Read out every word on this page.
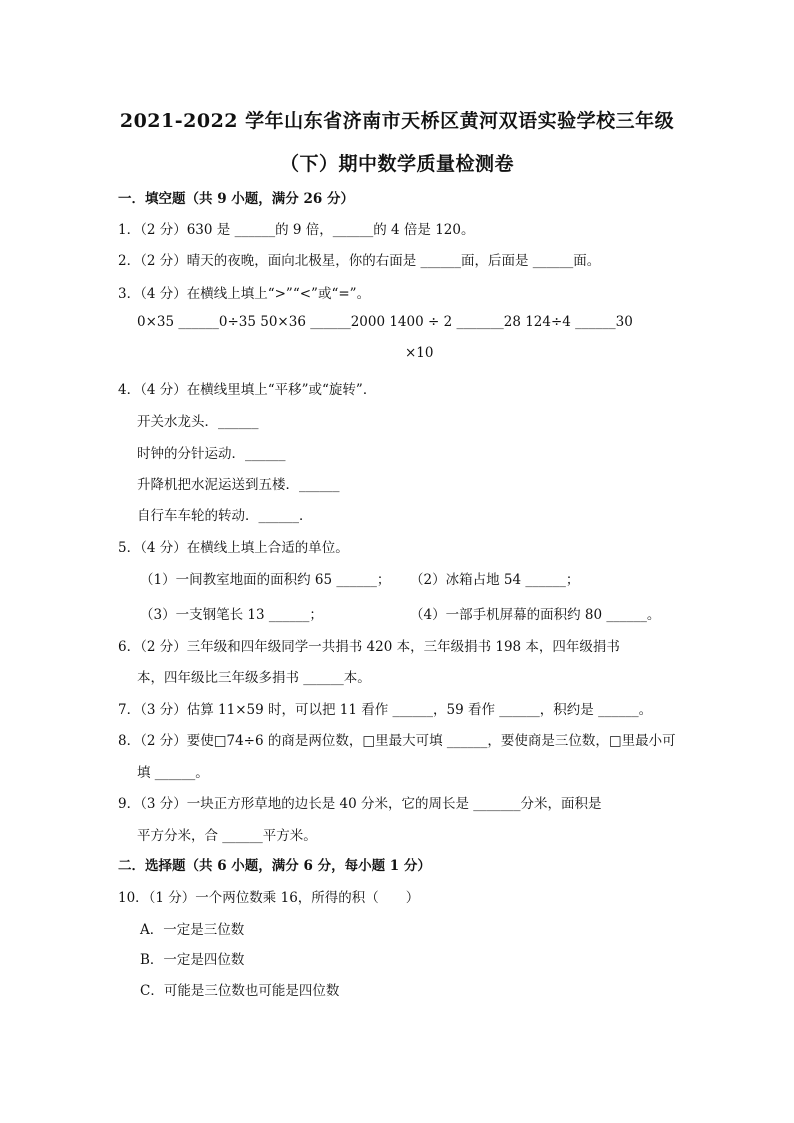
2021-2022 学年山东省济南市天桥区黄河双语实验学校三年级
（下）期中数学质量检测卷
一．填空题（共 9 小题，满分 26 分）
1．（2 分）630 是 ______的 9 倍，______的 4 倍是 120。
2．（2 分）晴天的夜晚，面向北极星，你的右面是 ______面，后面是 ______面。
3．（4 分）在横线上填上“>”“<”或“=”。
0×35 ______0÷35 50×36 ______2000 1400 ÷ 2 _______28 124÷4 ______30
×10
4．（4 分）在横线里填上“平移”或“旋转”．
开关水龙头．______
时钟的分针运动．______
升降机把水泥运送到五楼．______
自行车车轮的转动．______．
5．（4 分）在横线上填上合适的单位。
（1）一间教室地面的面积约 65 ______； （2）冰箱占地 54 ______；
（3）一支钢笔长 13 ______；	（4）一部手机屏幕的面积约 80 ______。
6．（2 分）三年级和四年级同学一共捐书 420 本，三年级捐书 198 本，四年级捐书
本，四年级比三年级多捐书 ______本。
7．（3 分）估算 11×59 时，可以把 11 看作 ______，59 看作 ______，积约是 ______。
8．（2 分）要使□74÷6 的商是两位数，□里最大可填 ______，要使商是三位数，□里最小可
填 ______。
9．（3 分）一块正方形草地的边长是 40 分米，它的周长是 _______分米，面积是
平方分米，合 ______平方米。
二．选择题（共 6 小题，满分 6 分，每小题 1 分）
10．（1 分）一个两位数乘 16，所得的积（　　）
A．一定是三位数
B．一定是四位数
C．可能是三位数也可能是四位数
